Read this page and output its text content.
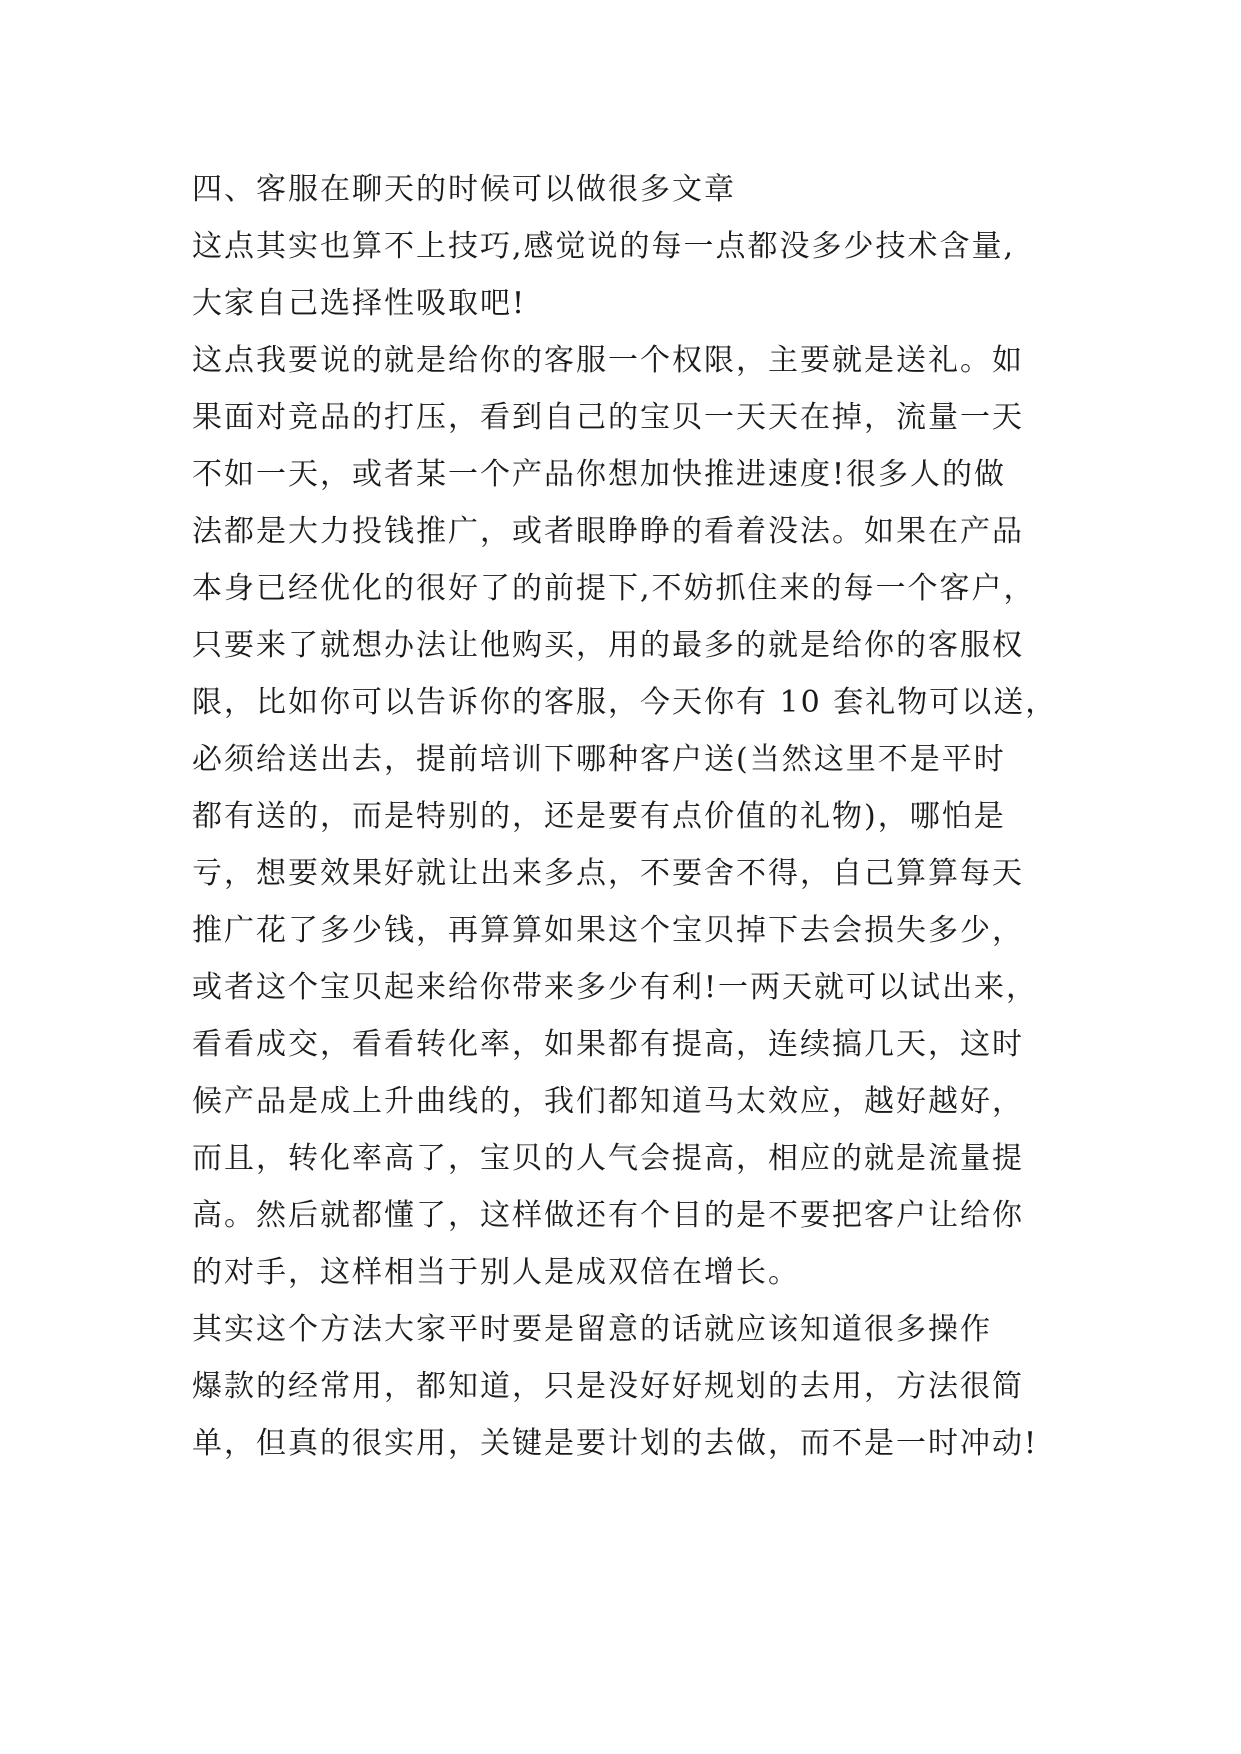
四、客服在聊天的时候可以做很多文章
这点其实也算不上技巧,感觉说的每一点都没多少技术含量,
大家自己选择性吸取吧!
这点我要说的就是给你的客服一个权限，主要就是送礼。如
果面对竞品的打压，看到自己的宝贝一天天在掉，流量一天
不如一天，或者某一个产品你想加快推进速度!很多人的做
法都是大力投钱推广，或者眼睁睁的看着没法。如果在产品
本身已经优化的很好了的前提下,不妨抓住来的每一个客户，
只要来了就想办法让他购买，用的最多的就是给你的客服权
限，比如你可以告诉你的客服，今天你有 10 套礼物可以送，
必须给送出去，提前培训下哪种客户送(当然这里不是平时
都有送的，而是特别的，还是要有点价值的礼物)，哪怕是
亏，想要效果好就让出来多点，不要舍不得，自己算算每天
推广花了多少钱，再算算如果这个宝贝掉下去会损失多少，
或者这个宝贝起来给你带来多少有利!一两天就可以试出来，
看看成交，看看转化率，如果都有提高，连续搞几天，这时
候产品是成上升曲线的，我们都知道马太效应，越好越好，
而且，转化率高了，宝贝的人气会提高，相应的就是流量提
高。然后就都懂了，这样做还有个目的是不要把客户让给你
的对手，这样相当于别人是成双倍在增长。
其实这个方法大家平时要是留意的话就应该知道很多操作
爆款的经常用，都知道，只是没好好规划的去用，方法很简
单，但真的很实用，关键是要计划的去做，而不是一时冲动!
